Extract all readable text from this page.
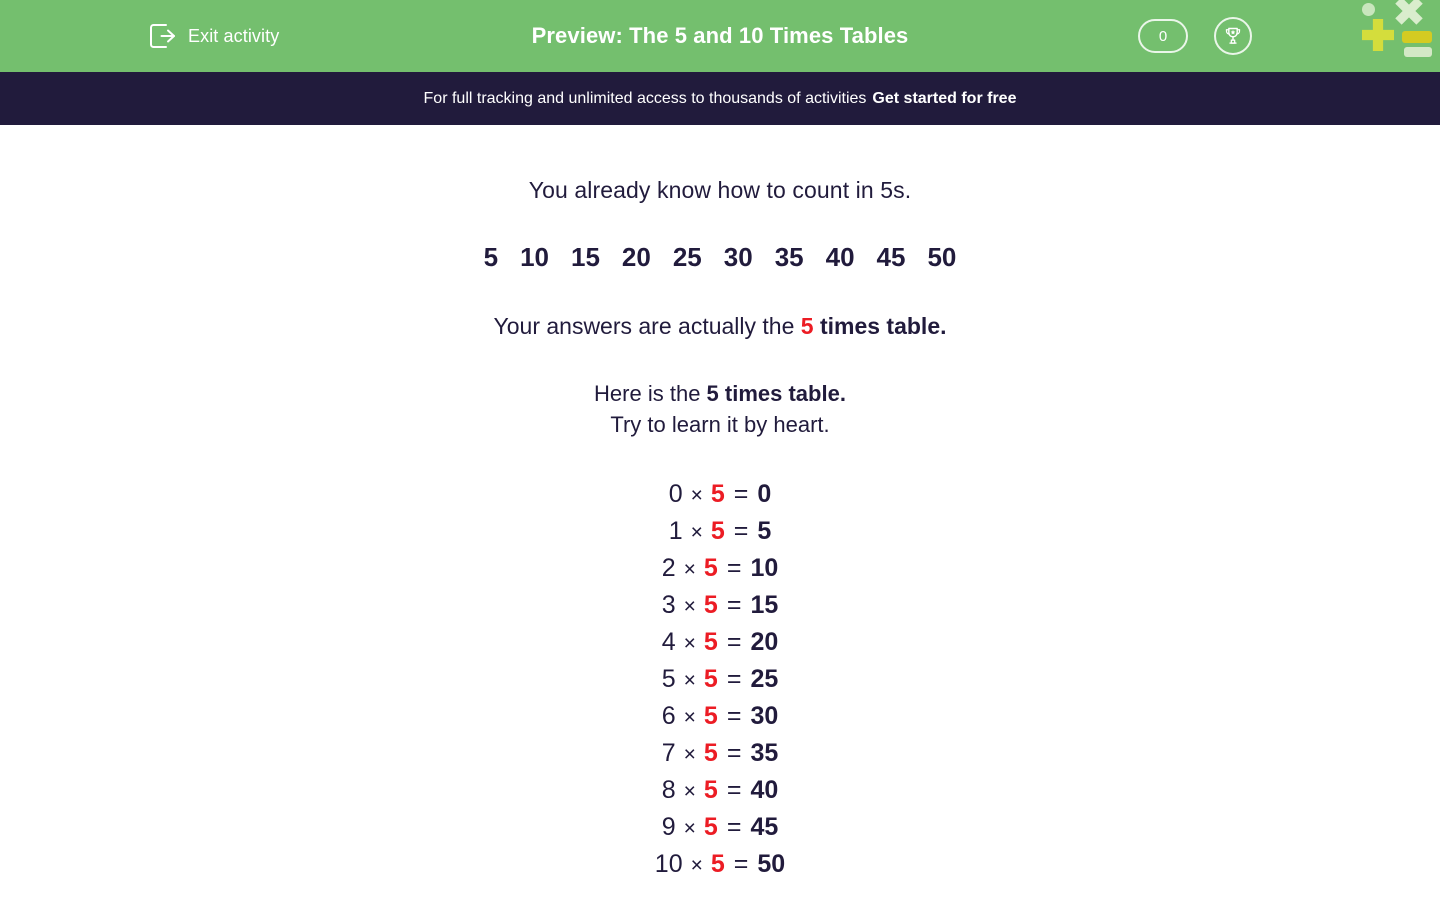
Exit activity	Preview: The 5 and 10 Times Tables	0
For full tracking and unlimited access to thousands of activities Get started for free
You already know how to count in 5s.
5 10 15 20 25 30 35 40 45 50
Your answers are actually the 5 times table.
Here is the 5 times table.
Try to learn it by heart.
0 × 5 = 0
1 × 5 = 5
2 × 5 = 10
3 × 5 = 15
4 × 5 = 20
5 × 5 = 25
6 × 5 = 30
7 × 5 = 35
8 × 5 = 40
9 × 5 = 45
10 × 5 = 50
